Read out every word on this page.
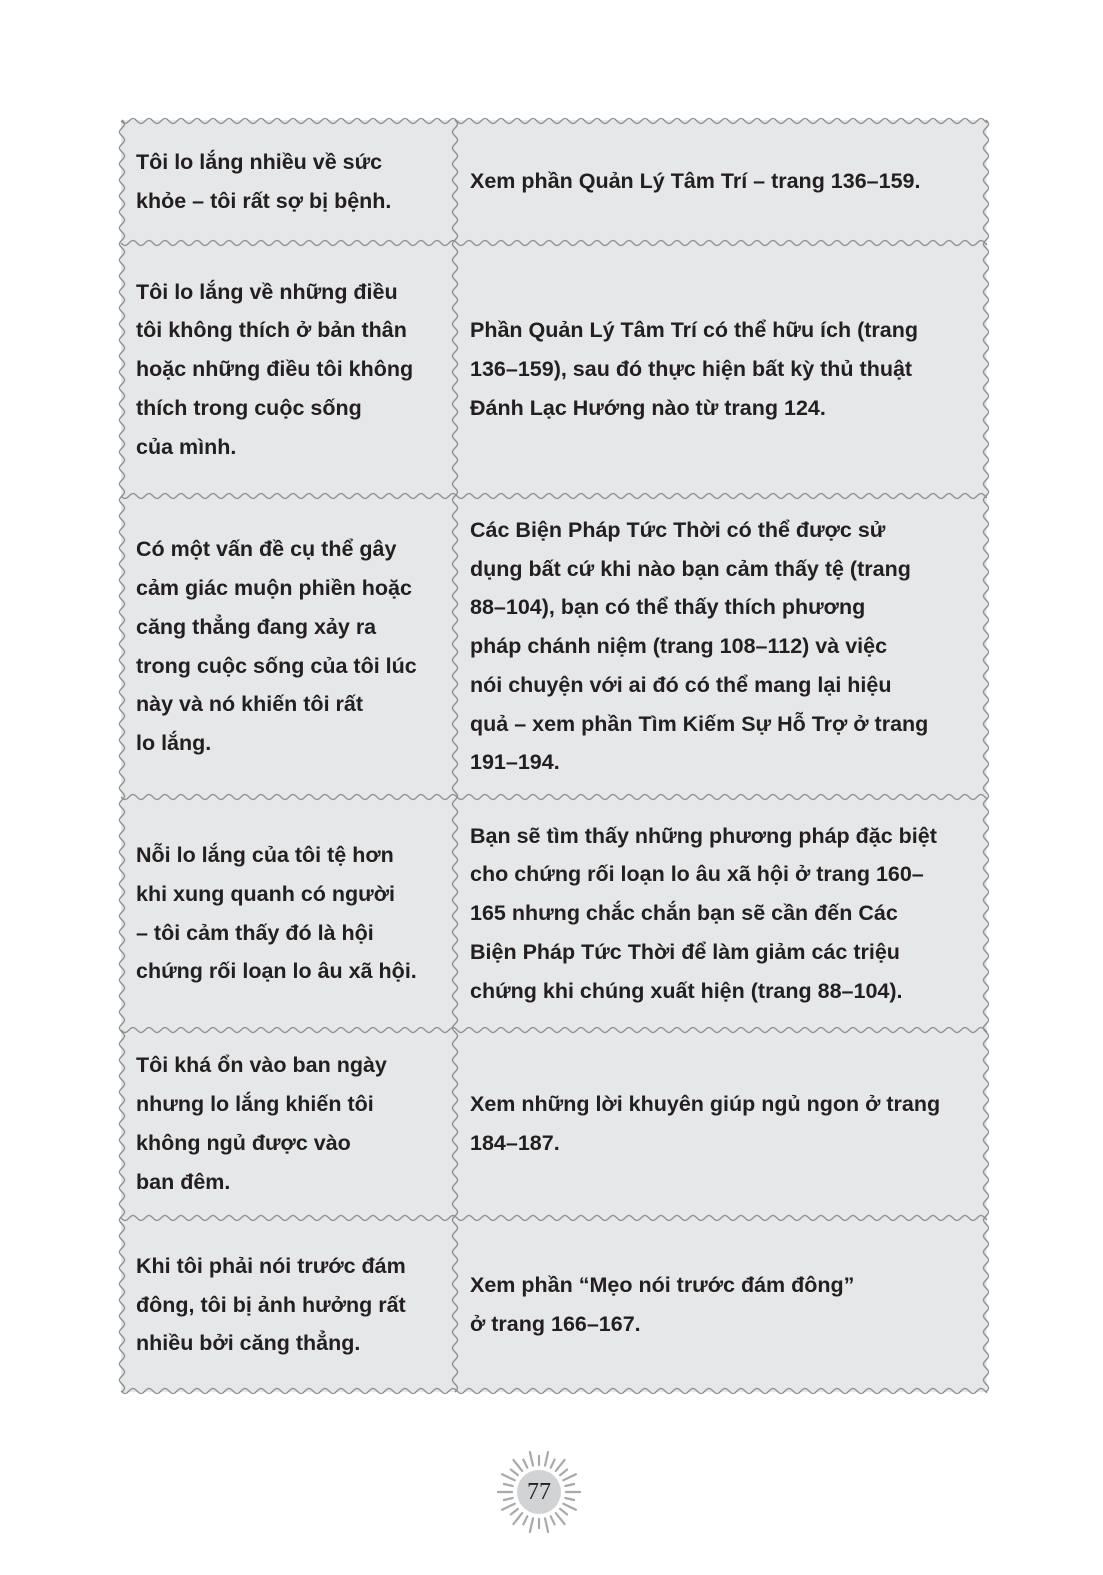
Tôi lo lắng nhiều về sức
khỏe – tôi rất sợ bị bệnh.
Xem phần Quản Lý Tâm Trí – trang 136–159.
Tôi lo lắng về những điều
tôi không thích ở bản thân
hoặc những điều tôi không
thích trong cuộc sống
của mình.
Phần Quản Lý Tâm Trí có thể hữu ích (trang
136–159), sau đó thực hiện bất kỳ thủ thuật
Đánh Lạc Hướng nào từ trang 124.
Có một vấn đề cụ thể gây
cảm giác muộn phiền hoặc
căng thẳng đang xảy ra
trong cuộc sống của tôi lúc
này và nó khiến tôi rất
lo lắng.
Các Biện Pháp Tức Thời có thể được sử
dụng bất cứ khi nào bạn cảm thấy tệ (trang
88–104), bạn có thể thấy thích phương
pháp chánh niệm (trang 108–112) và việc
nói chuyện với ai đó có thể mang lại hiệu
quả – xem phần Tìm Kiếm Sự Hỗ Trợ ở trang
191–194.
Nỗi lo lắng của tôi tệ hơn
khi xung quanh có người
– tôi cảm thấy đó là hội
chứng rối loạn lo âu xã hội.
Bạn sẽ tìm thấy những phương pháp đặc biệt
cho chứng rối loạn lo âu xã hội ở trang 160–
165 nhưng chắc chắn bạn sẽ cần đến Các
Biện Pháp Tức Thời để làm giảm các triệu
chứng khi chúng xuất hiện (trang 88–104).
Tôi khá ổn vào ban ngày
nhưng lo lắng khiến tôi
không ngủ được vào
ban đêm.
Xem những lời khuyên giúp ngủ ngon ở trang
184–187.
Khi tôi phải nói trước đám
đông, tôi bị ảnh hưởng rất
nhiều bởi căng thẳng.
Xem phần “Mẹo nói trước đám đông”
ở trang 166–167.
77
